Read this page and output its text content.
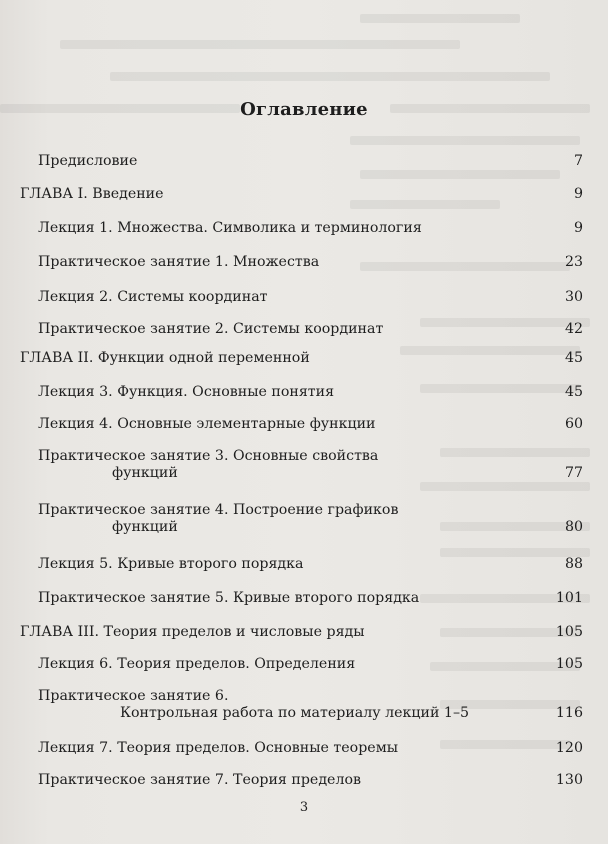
Оглавление
Предисловие	7
ГЛАВА I. Введение	9
Лекция 1. Множества. Символика и терминология	9
Практическое занятие 1. Множества	23
Лекция 2. Системы координат	30
Практическое занятие 2. Системы координат	42
ГЛАВА II. Функции одной переменной	45
Лекция 3. Функция. Основные понятия	45
Лекция 4. Основные элементарные функции	60
Практическое занятие 3. Основные свойства
функций	77
Практическое занятие 4. Построение графиков
функций	80
Лекция 5. Кривые второго порядка	88
Практическое занятие 5. Кривые второго порядка	101
ГЛАВА III. Теория пределов и числовые ряды	105
Лекция 6. Теория пределов. Определения	105
Практическое занятие 6.
Контрольная работа по материалу лекций 1–5	116
Лекция 7. Теория пределов. Основные теоремы	120
Практическое занятие 7. Теория пределов	130
3
